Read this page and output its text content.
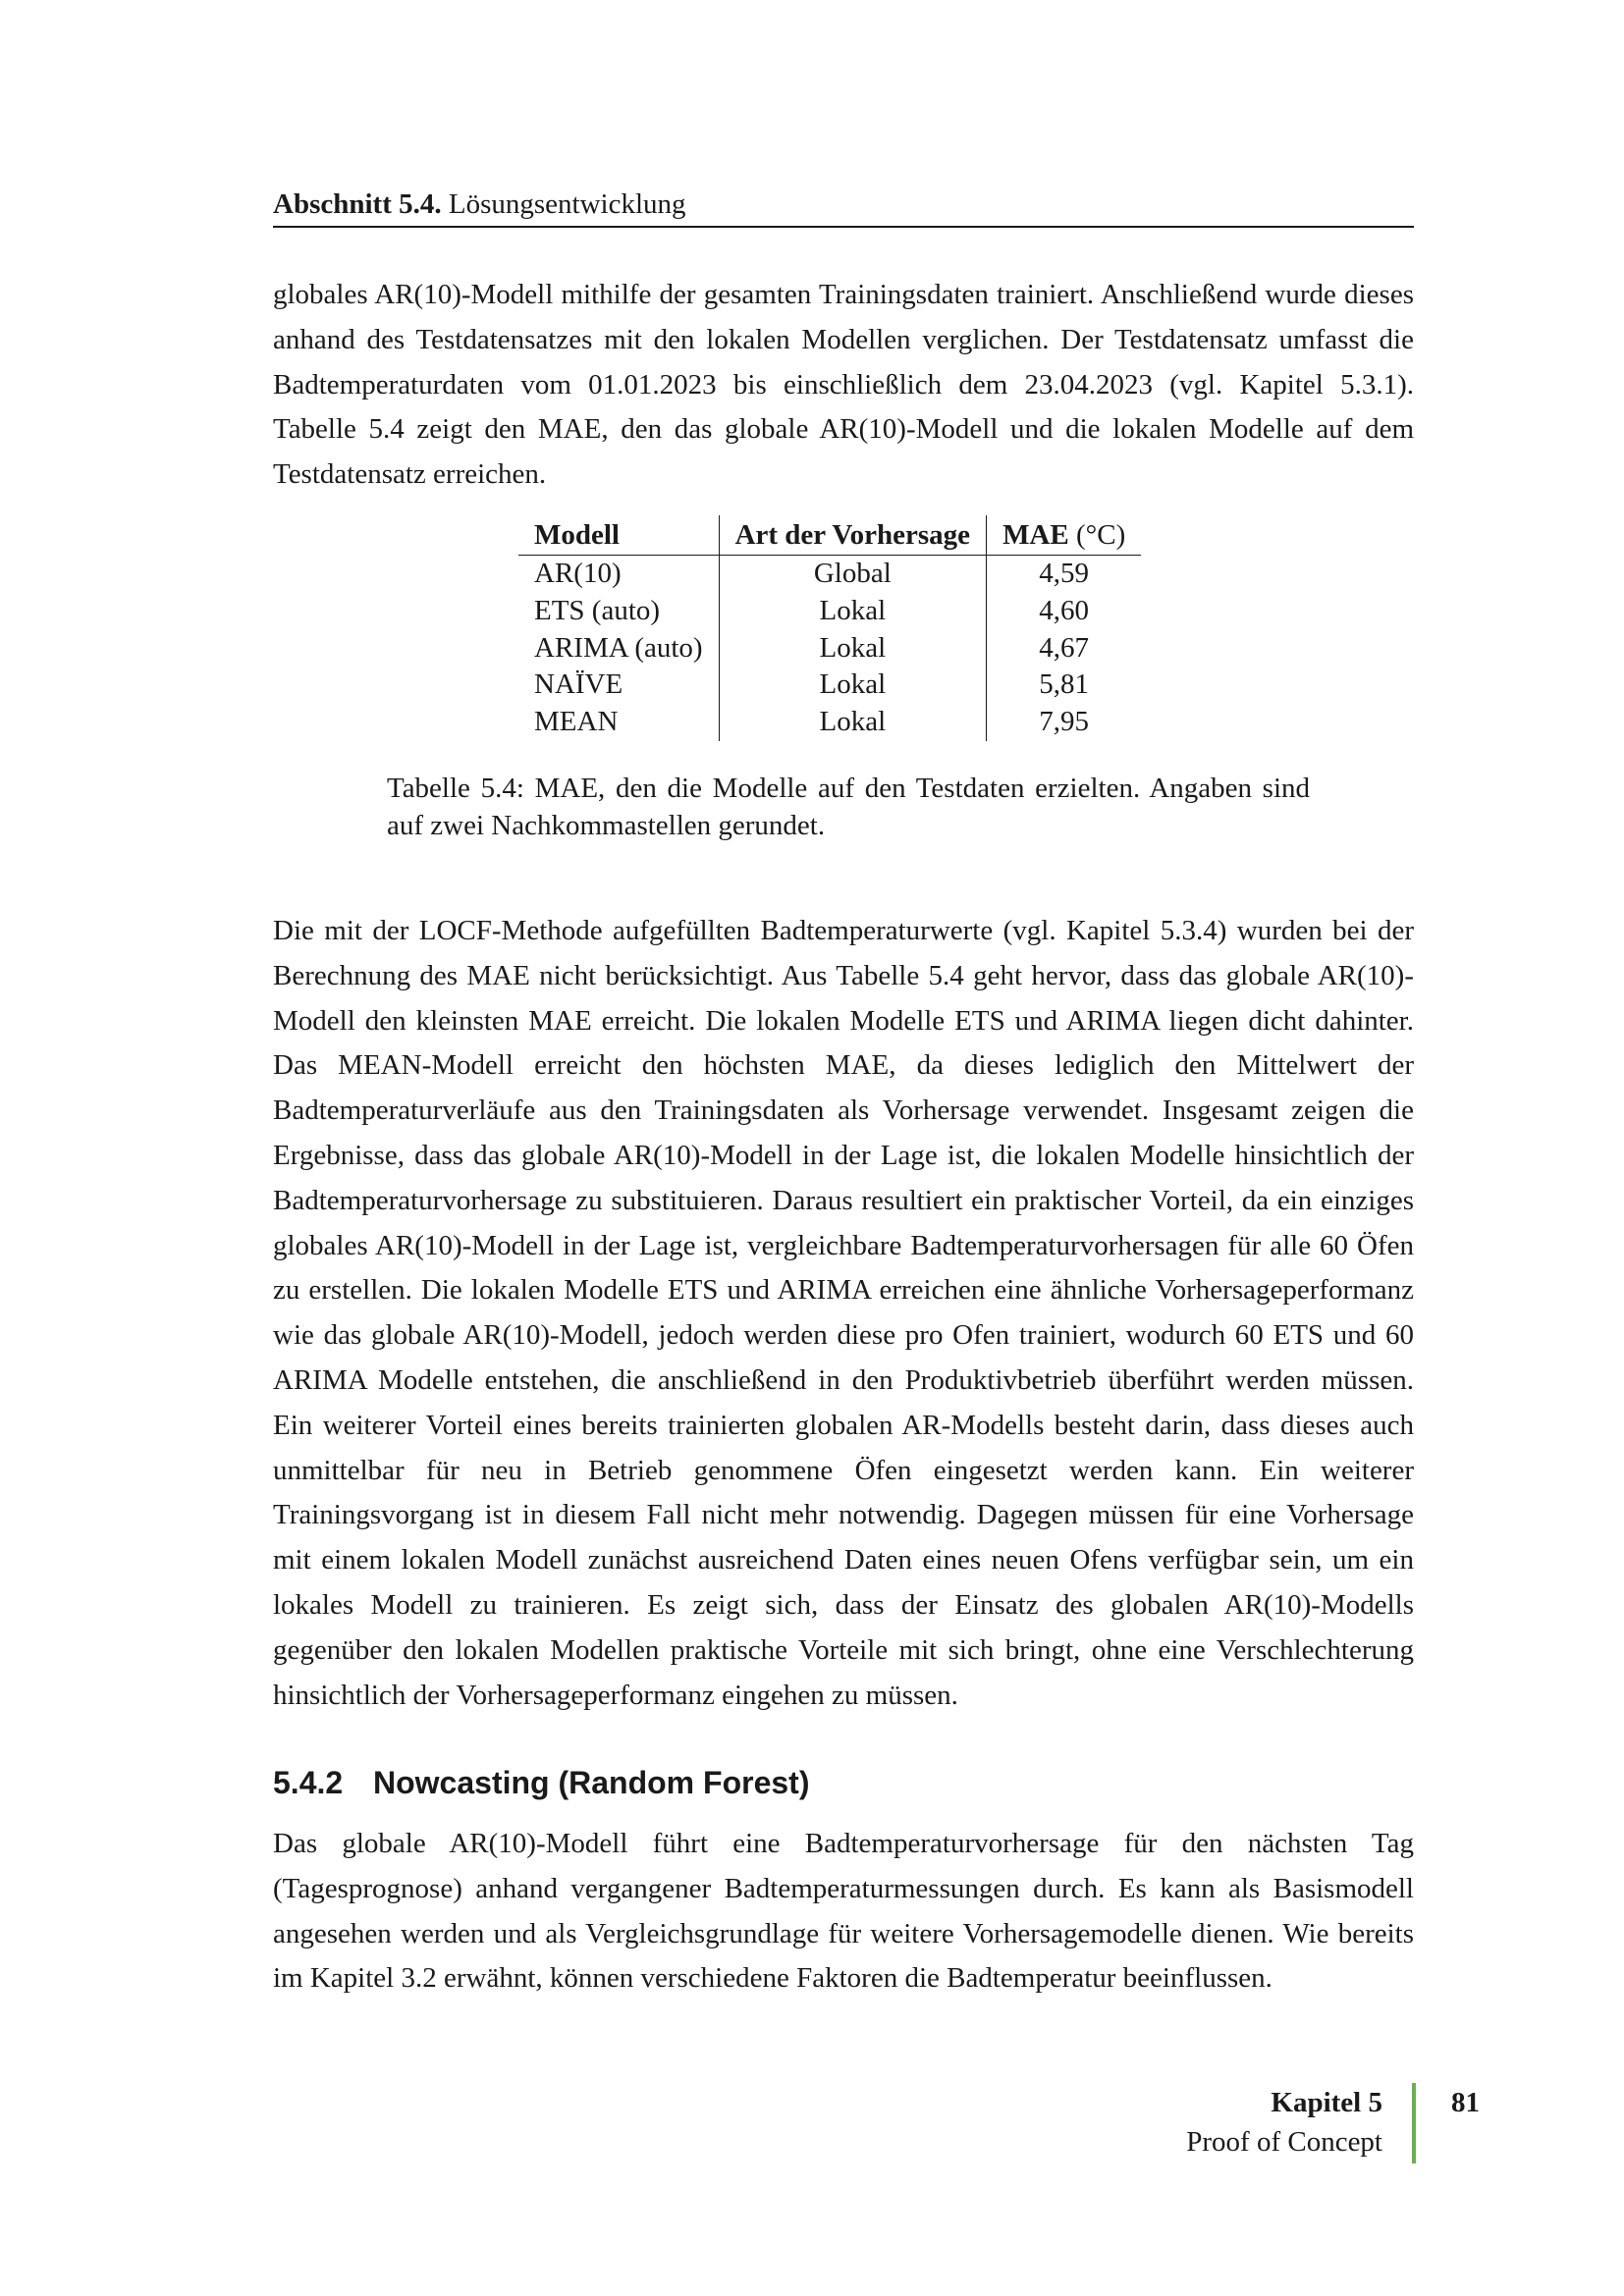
Abschnitt 5.4. Lösungsentwicklung

globales AR(10)-Modell mithilfe der gesamten Trainingsdaten trainiert. Anschließend wurde dieses anhand des Testdatensatzes mit den lokalen Modellen verglichen. Der Testdatensatz umfasst die Badtemperaturdaten vom 01.01.2023 bis einschließlich dem 23.04.2023 (vgl. Kapitel 5.3.1). Tabelle 5.4 zeigt den MAE, den das globale AR(10)-Modell und die lokalen Modelle auf dem Testdatensatz erreichen.

Modell	Art der Vorhersage	MAE (°C)
AR(10)	Global	4,59
ETS (auto)	Lokal	4,60
ARIMA (auto)	Lokal	4,67
NAÏVE	Lokal	5,81
MEAN	Lokal	7,95
Tabelle 5.4: MAE, den die Modelle auf den Testdaten erzielten. Angaben sind auf zwei Nachkommastellen gerundet.

Die mit der LOCF-Methode aufgefüllten Badtemperaturwerte (vgl. Kapitel 5.3.4) wurden bei der Berechnung des MAE nicht berücksichtigt. Aus Tabelle 5.4 geht hervor, dass das globale AR(10)-Modell den kleinsten MAE erreicht. Die lokalen Modelle ETS und ARIMA liegen dicht dahinter. Das MEAN-Modell erreicht den höchsten MAE, da dieses lediglich den Mittelwert der Badtemperaturverläufe aus den Trainingsdaten als Vorhersage verwendet. Insgesamt zeigen die Ergebnisse, dass das globale AR(10)-Modell in der Lage ist, die lokalen Modelle hinsichtlich der Badtemperaturvorhersage zu substituieren. Daraus resultiert ein praktischer Vorteil, da ein einziges globales AR(10)-Modell in der Lage ist, vergleichbare Badtemperaturvorhersagen für alle 60 Öfen zu erstellen. Die lokalen Modelle ETS und ARIMA erreichen eine ähnliche Vorhersageperformanz wie das globale AR(10)-Modell, jedoch werden diese pro Ofen trainiert, wodurch 60 ETS und 60 ARIMA Modelle entstehen, die anschließend in den Produktivbetrieb überführt werden müssen. Ein weiterer Vorteil eines bereits trainierten globalen AR-Modells besteht darin, dass dieses auch unmittelbar für neu in Betrieb genommene Öfen eingesetzt werden kann. Ein weiterer Trainingsvorgang ist in diesem Fall nicht mehr notwendig. Dagegen müssen für eine Vorhersage mit einem lokalen Modell zunächst ausreichend Daten eines neuen Ofens verfügbar sein, um ein lokales Modell zu trainieren. Es zeigt sich, dass der Einsatz des globalen AR(10)-Modells gegenüber den lokalen Modellen praktische Vorteile mit sich bringt, ohne eine Verschlechterung hinsichtlich der Vorhersageperformanz eingehen zu müssen.

5.4.2 Nowcasting (Random Forest)

Das globale AR(10)-Modell führt eine Badtemperaturvorhersage für den nächsten Tag (Tagesprognose) anhand vergangener Badtemperaturmessungen durch. Es kann als Basismodell angesehen werden und als Vergleichsgrundlage für weitere Vorhersagemodelle dienen. Wie bereits im Kapitel 3.2 erwähnt, können verschiedene Faktoren die Badtemperatur beeinflussen.

Kapitel 5
Proof of Concept
81
